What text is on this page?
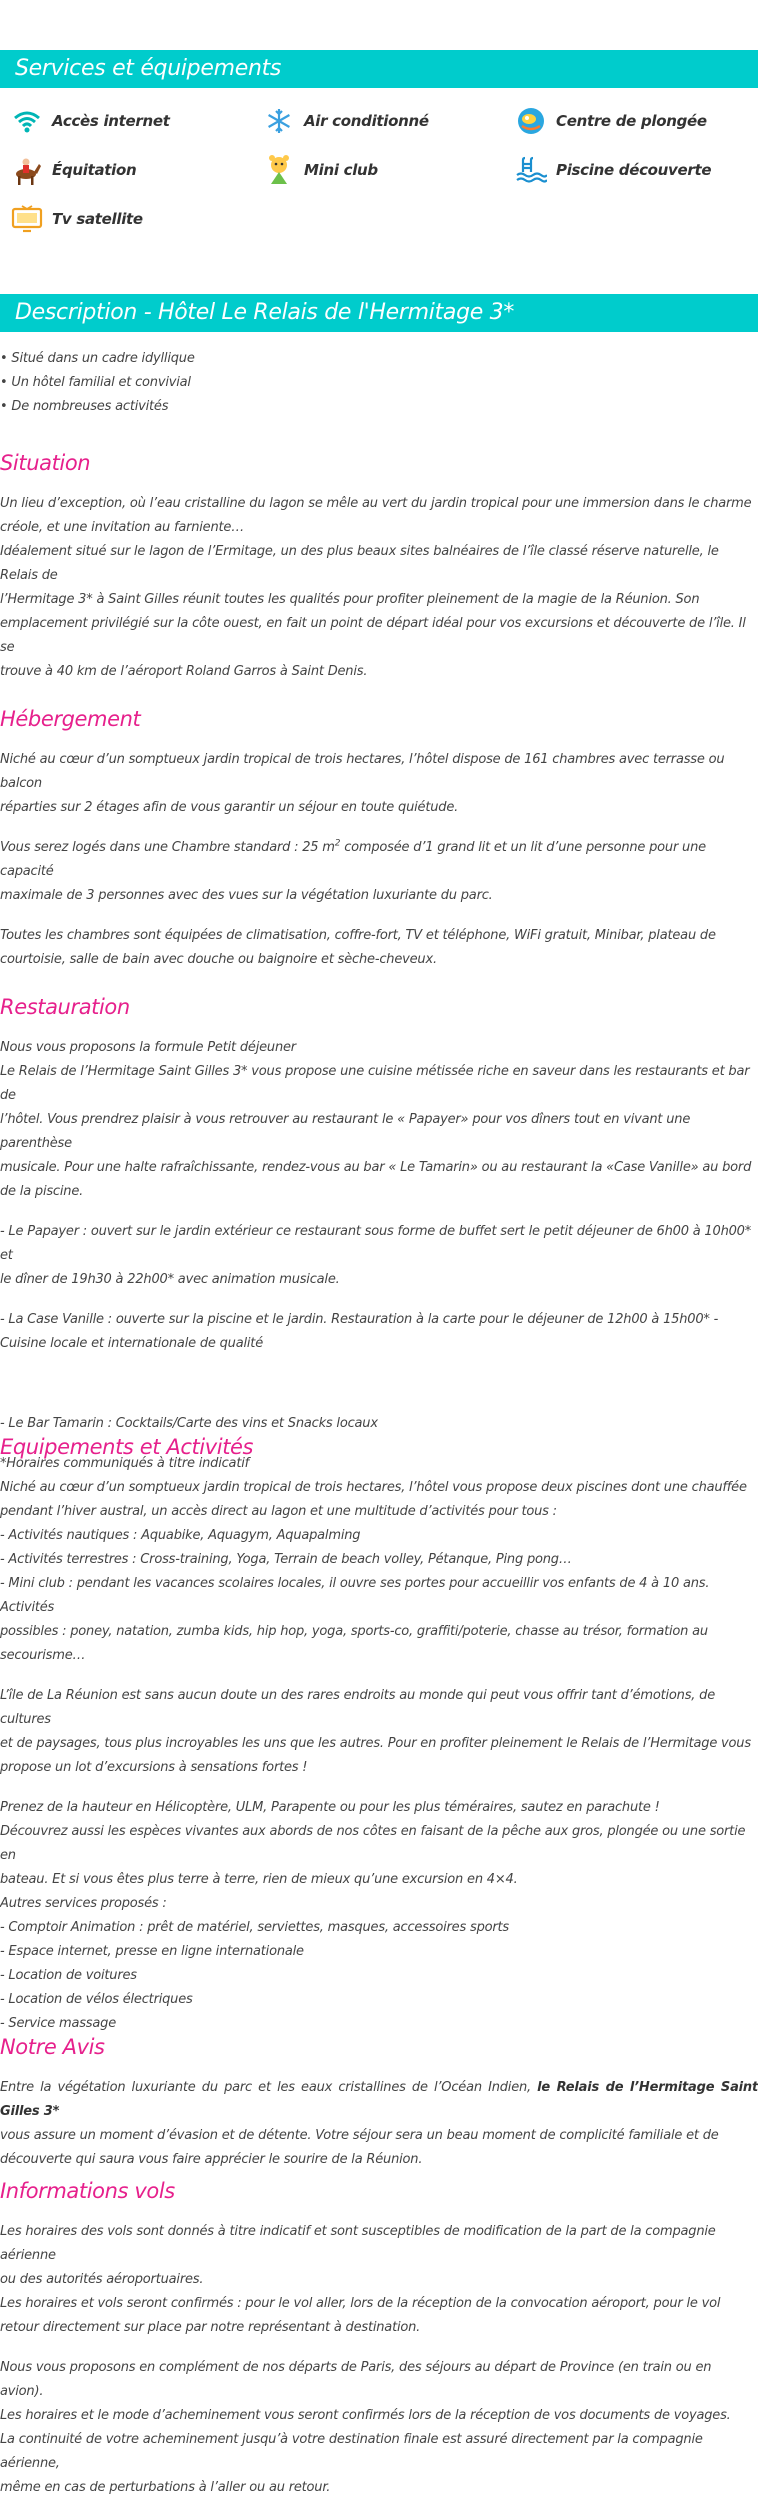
Services et équipements
Accès internet	Air conditionné	Centre de plongée
Équitation	Mini club	Piscine découverte
Tv satellite
Description - Hôtel Le Relais de l'Hermitage 3*

• Situé dans un cadre idyllique
• Un hôtel familial et convivial
• De nombreuses activités

Situation

Un lieu d’exception, où l’eau cristalline du lagon se mêle au vert du jardin tropical pour une immersion dans le charme
créole, et une invitation au farniente…
Idéalement situé sur le lagon de l’Ermitage, un des plus beaux sites balnéaires de l’île classé réserve naturelle, le Relais de
l’Hermitage 3* à Saint Gilles réunit toutes les qualités pour profiter pleinement de la magie de la Réunion. Son
emplacement privilégié sur la côte ouest, en fait un point de départ idéal pour vos excursions et découverte de l’île. Il se
trouve à 40 km de l’aéroport Roland Garros à Saint Denis.

Hébergement

Niché au cœur d’un somptueux jardin tropical de trois hectares, l’hôtel dispose de 161 chambres avec terrasse ou balcon
réparties sur 2 étages afin de vous garantir un séjour en toute quiétude.

Vous serez logés dans une Chambre standard : 25 $m^2$ composée d’1 grand lit et un lit d’une personne pour une capacité
maximale de 3 personnes avec des vues sur la végétation luxuriante du parc.

Toutes les chambres sont équipées de climatisation, coffre-fort, TV et téléphone, WiFi gratuit, Minibar, plateau de
courtoisie, salle de bain avec douche ou baignoire et sèche-cheveux.

Restauration

Nous vous proposons la formule Petit déjeuner
Le Relais de l’Hermitage Saint Gilles 3* vous propose une cuisine métissée riche en saveur dans les restaurants et bar de
l’hôtel. Vous prendrez plaisir à vous retrouver au restaurant le « Papayer» pour vos dîners tout en vivant une parenthèse
musicale. Pour une halte rafraîchissante, rendez-vous au bar « Le Tamarin» ou au restaurant la «Case Vanille» au bord
de la piscine.

- Le Papayer : ouvert sur le jardin extérieur ce restaurant sous forme de buffet sert le petit déjeuner de 6h00 à 10h00* et
le dîner de 19h30 à 22h00* avec animation musicale.

- La Case Vanille : ouverte sur la piscine et le jardin. Restauration à la carte pour le déjeuner de 12h00 à 15h00* -
Cuisine locale et internationale de qualité

- Le Bar Tamarin : Cocktails/Carte des vins et Snacks locaux

*Horaires communiqués à titre indicatif

Equipements et Activités

Niché au cœur d’un somptueux jardin tropical de trois hectares, l’hôtel vous propose deux piscines dont une chauffée
pendant l’hiver austral, un accès direct au lagon et une multitude d’activités pour tous :
- Activités nautiques : Aquabike, Aquagym, Aquapalming
- Activités terrestres : Cross-training, Yoga, Terrain de beach volley, Pétanque, Ping pong…
- Mini club : pendant les vacances scolaires locales, il ouvre ses portes pour accueillir vos enfants de 4 à 10 ans. Activités
possibles : poney, natation, zumba kids, hip hop, yoga, sports-co, graffiti/poterie, chasse au trésor, formation au
secourisme…

L’île de La Réunion est sans aucun doute un des rares endroits au monde qui peut vous offrir tant d’émotions, de cultures
et de paysages, tous plus incroyables les uns que les autres. Pour en profiter pleinement le Relais de l’Hermitage vous
propose un lot d’excursions à sensations fortes !

Prenez de la hauteur en Hélicoptère, ULM, Parapente ou pour les plus téméraires, sautez en parachute !
Découvrez aussi les espèces vivantes aux abords de nos côtes en faisant de la pêche aux gros, plongée ou une sortie en
bateau. Et si vous êtes plus terre à terre, rien de mieux qu’une excursion en 4×4.
Autres services proposés :
- Comptoir Animation : prêt de matériel, serviettes, masques, accessoires sports
- Espace internet, presse en ligne internationale
- Location de voitures
- Location de vélos électriques
- Service massage

Notre Avis

Entre la végétation luxuriante du parc et les eaux cristallines de l’Océan Indien, le Relais de l’Hermitage Saint Gilles 3*
vous assure un moment d’évasion et de détente. Votre séjour sera un beau moment de complicité familiale et de
découverte qui saura vous faire apprécier le sourire de la Réunion.

Informations vols

Les horaires des vols sont donnés à titre indicatif et sont susceptibles de modification de la part de la compagnie aérienne
ou des autorités aéroportuaires.
Les horaires et vols seront confirmés : pour le vol aller, lors de la réception de la convocation aéroport, pour le vol
retour directement sur place par notre représentant à destination.

Nous vous proposons en complément de nos départs de Paris, des séjours au départ de Province (en train ou en avion).
Les horaires et le mode d’acheminement vous seront confirmés lors de la réception de vos documents de voyages.
La continuité de votre acheminement jusqu’à votre destination finale est assuré directement par la compagnie aérienne,
même en cas de perturbations à l’aller ou au retour.
